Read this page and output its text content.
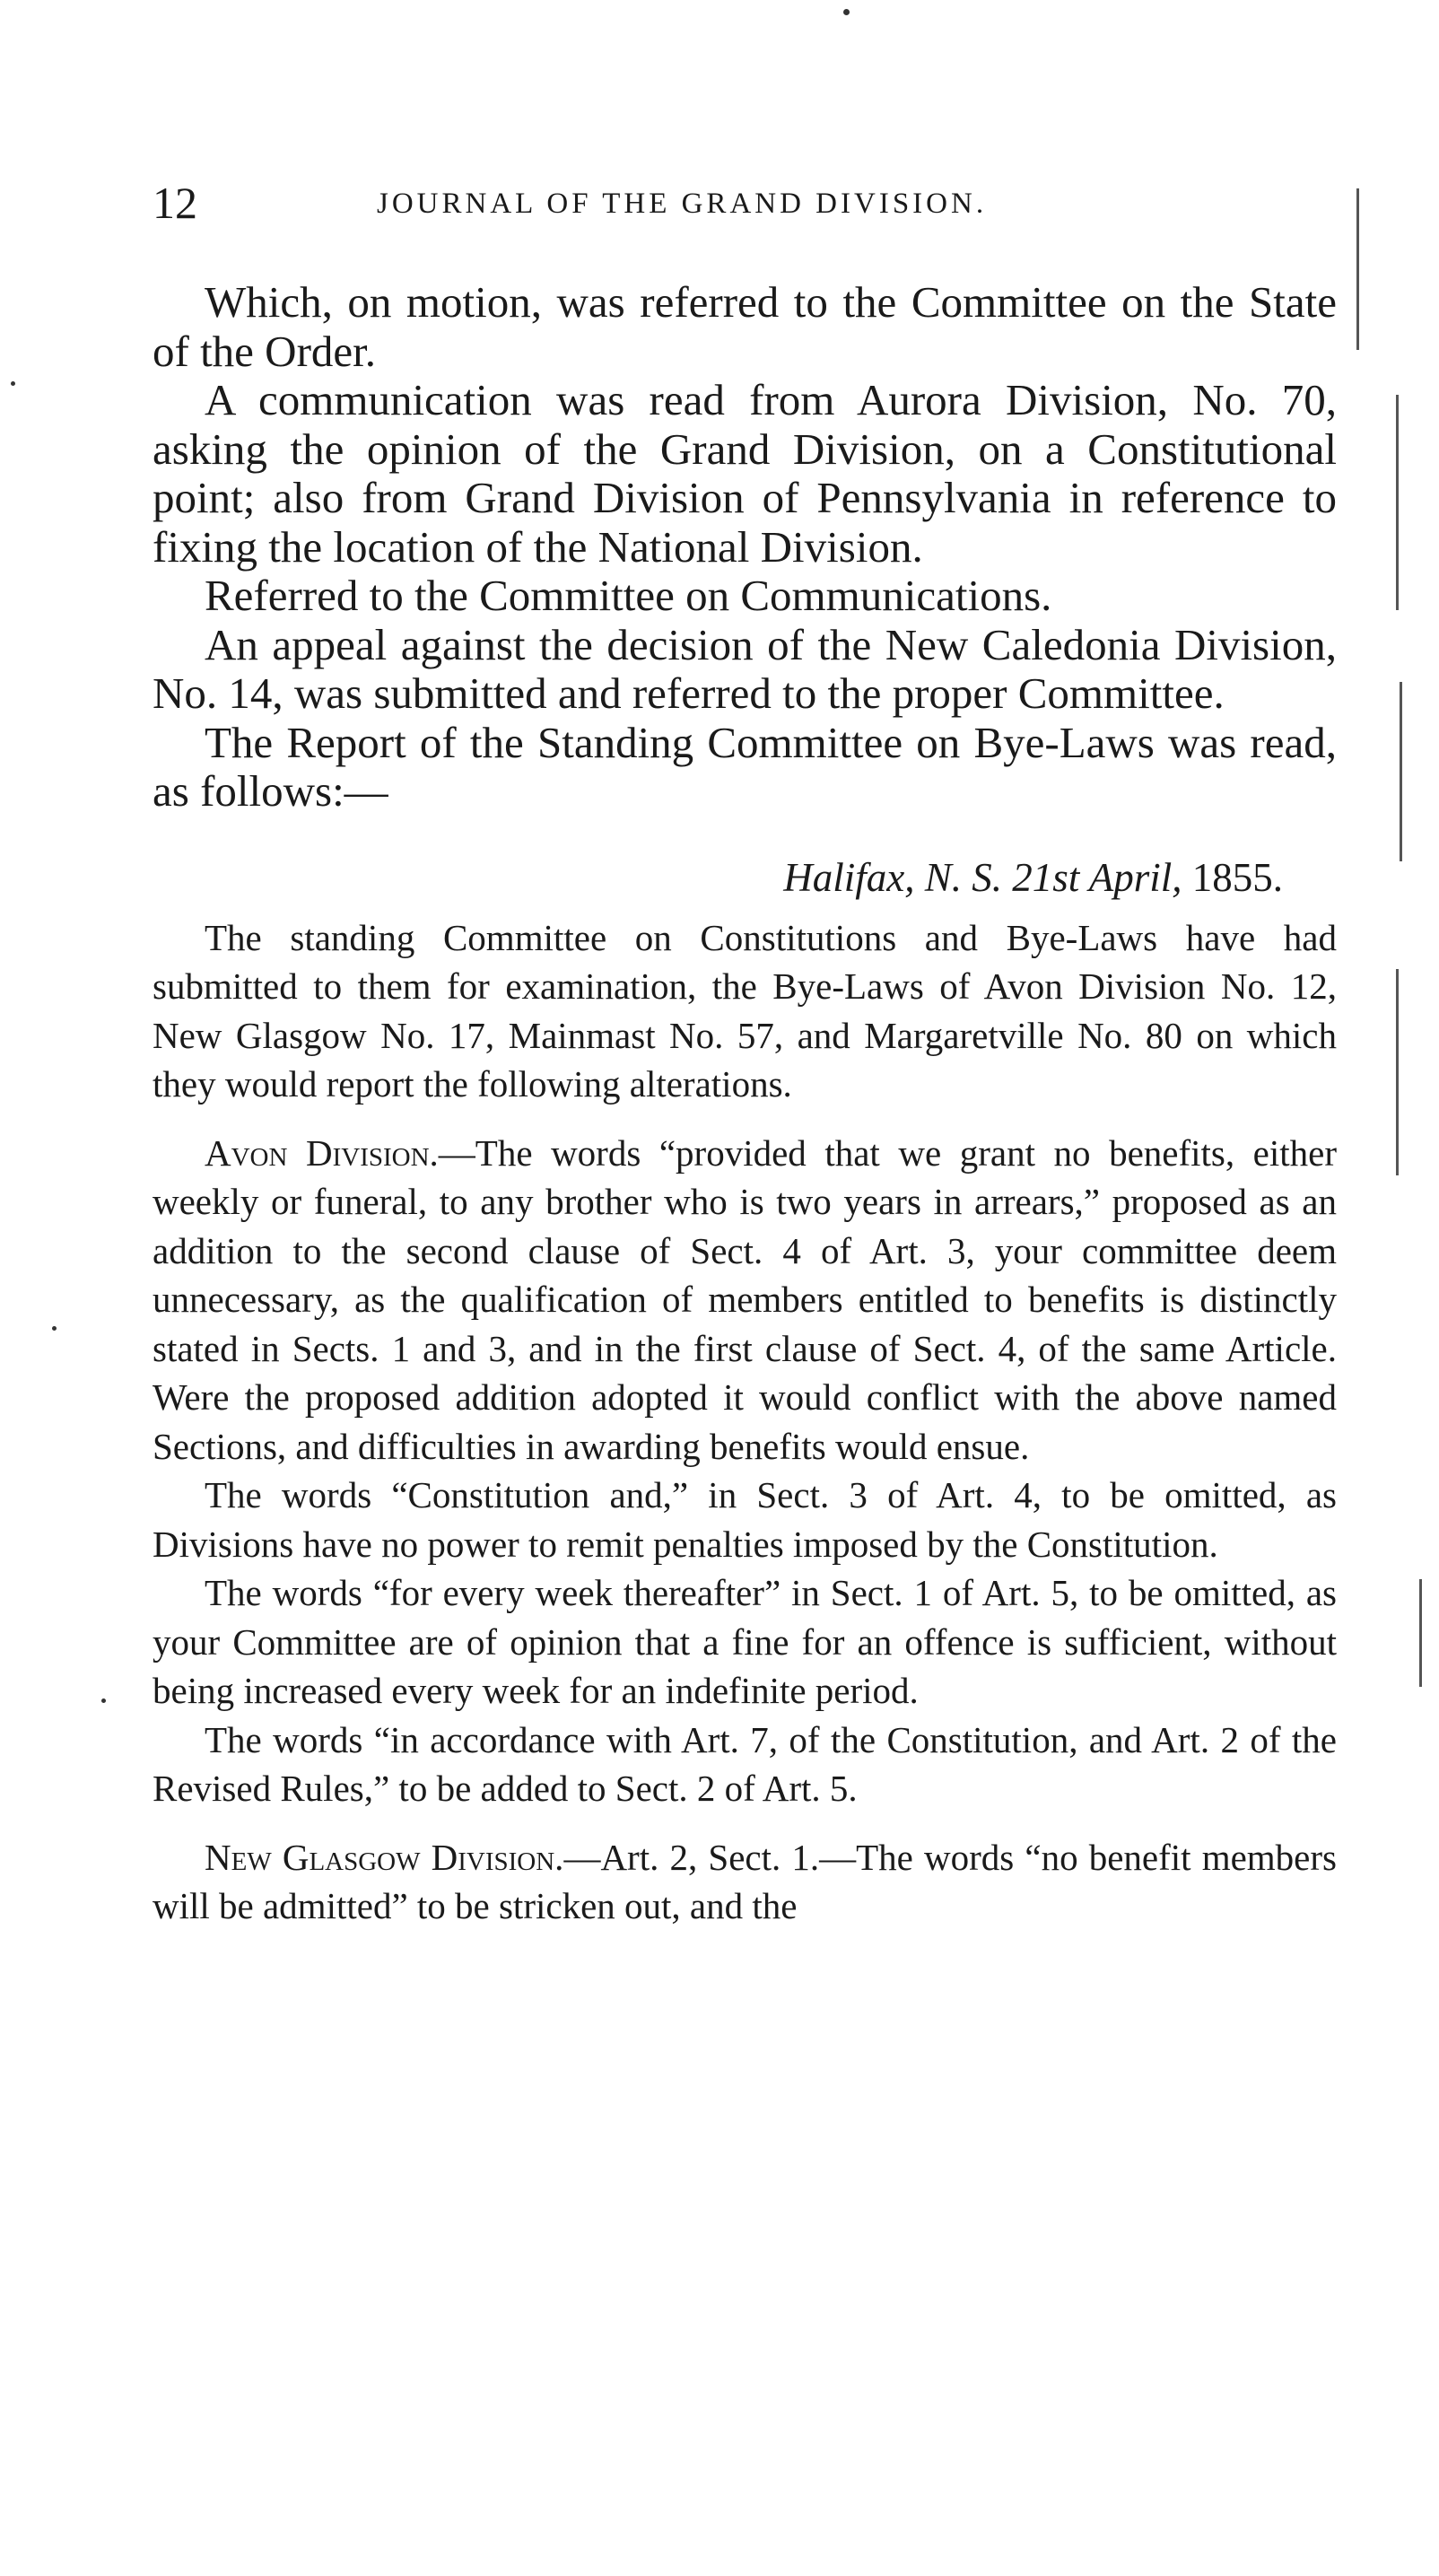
12	JOURNAL OF THE GRAND DIVISION.

Which, on motion, was referred to the Committee on the State of the Order.

A communication was read from Aurora Division, No. 70, asking the opinion of the Grand Division, on a Constitutional point; also from Grand Division of Pennsylvania in reference to fixing the location of the National Division.

Referred to the Committee on Communications.

An appeal against the decision of the New Caledonia Division, No. 14, was submitted and referred to the proper Committee.

The Report of the Standing Committee on Bye-Laws was read, as follows:—

Halifax, N. S. 21st April, 1855.

The standing Committee on Constitutions and Bye-Laws have had submitted to them for examination, the Bye-Laws of Avon Division No. 12, New Glasgow No. 17, Mainmast No. 57, and Margaretville No. 80 on which they would report the following alterations.

Avon Division.—The words “provided that we grant no benefits, either weekly or funeral, to any brother who is two years in arrears,” proposed as an addition to the second clause of Sect. 4 of Art. 3, your committee deem unnecessary, as the qualification of members entitled to benefits is distinctly stated in Sects. 1 and 3, and in the first clause of Sect. 4, of the same Article. Were the proposed addition adopted it would conflict with the above named Sections, and difficulties in awarding benefits would ensue.

The words “Constitution and,” in Sect. 3 of Art. 4, to be omitted, as Divisions have no power to remit penalties imposed by the Constitution.

The words “for every week thereafter” in Sect. 1 of Art. 5, to be omitted, as your Committee are of opinion that a fine for an offence is sufficient, without being increased every week for an indefinite period.

The words “in accordance with Art. 7, of the Constitution, and Art. 2 of the Revised Rules,” to be added to Sect. 2 of Art. 5.

New Glasgow Division.—Art. 2, Sect. 1.—The words “no benefit members will be admitted” to be stricken out, and the
